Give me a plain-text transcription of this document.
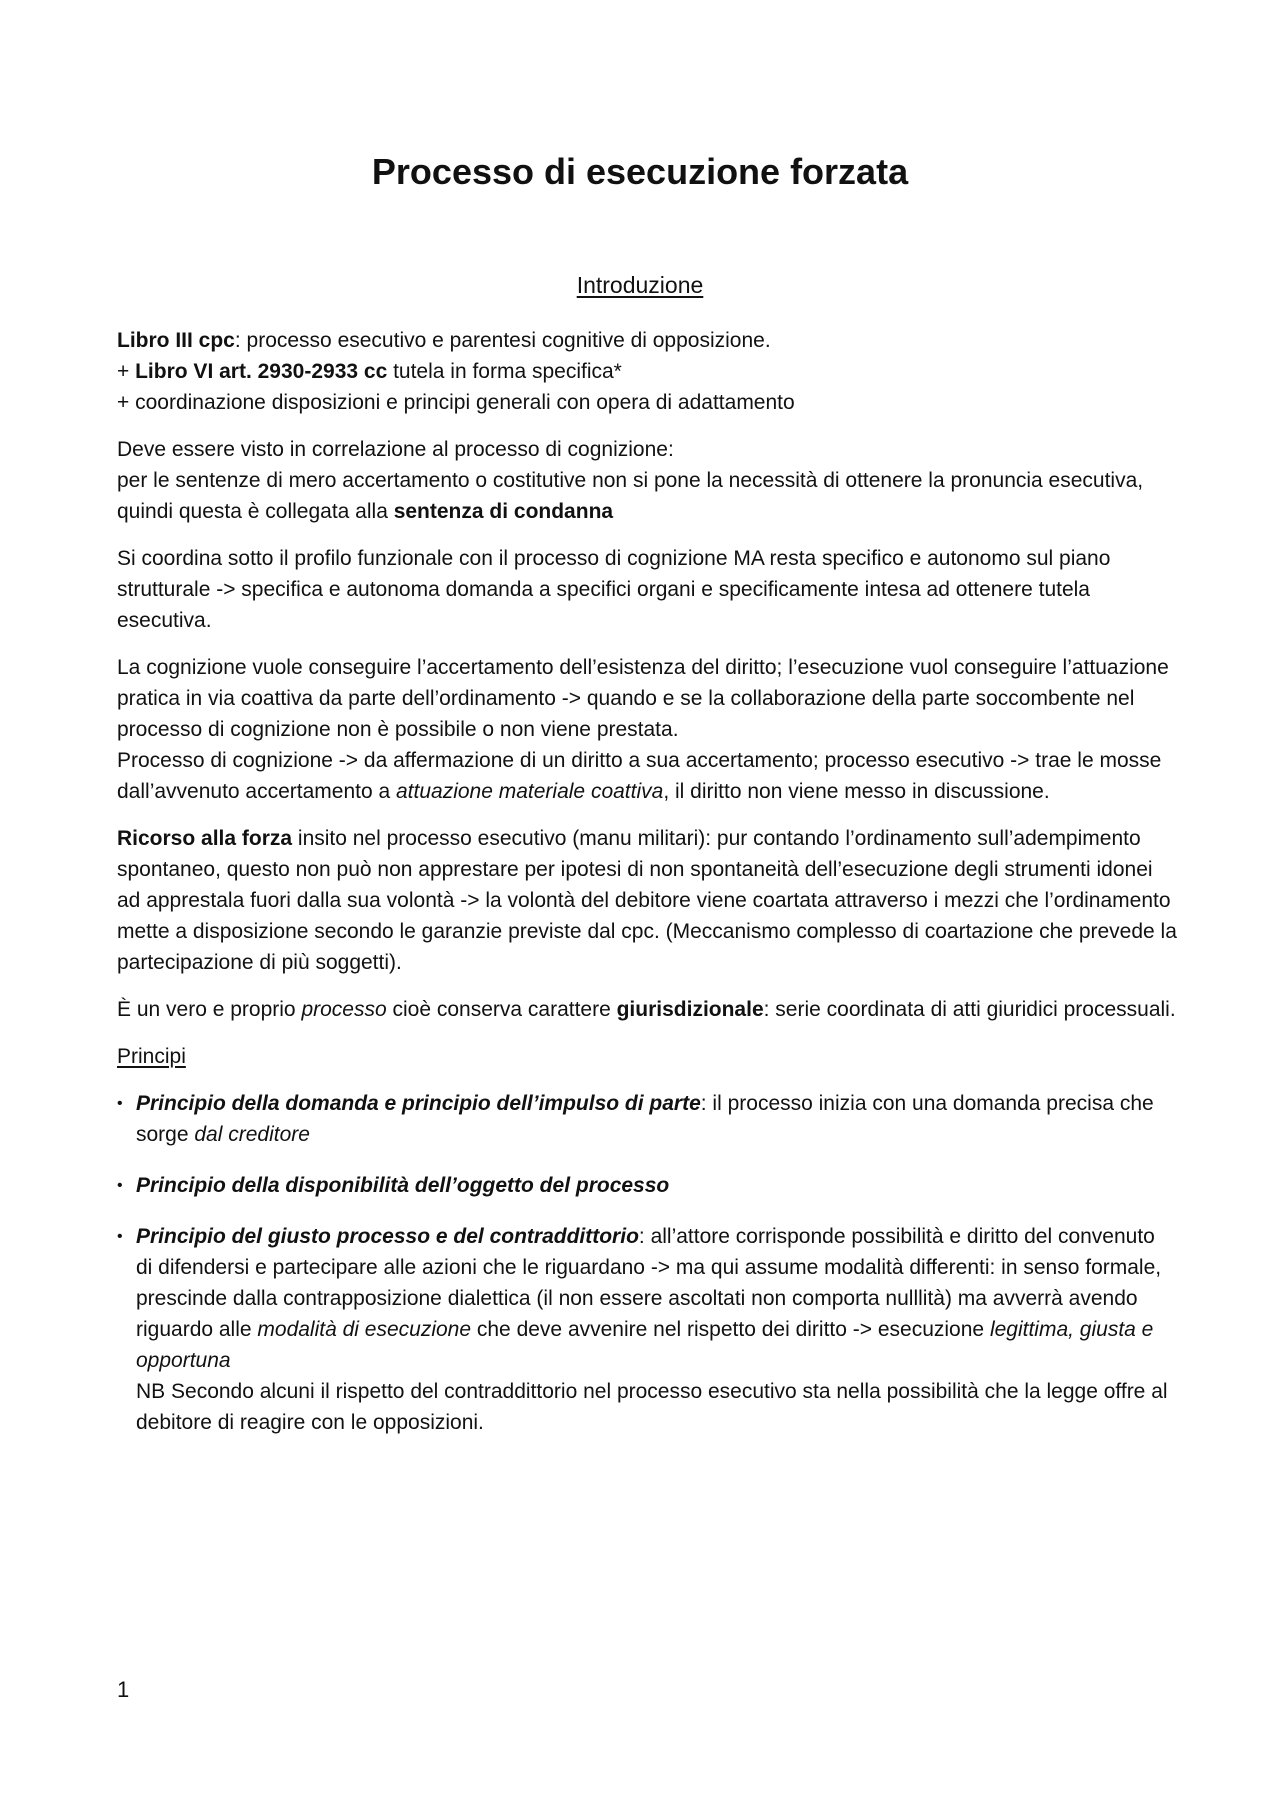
Processo di esecuzione forzata
Introduzione

Libro III cpc: processo esecutivo e parentesi cognitive di opposizione.

+ Libro VI art. 2930-2933 cc tutela in forma specifica*

+ coordinazione disposizioni e principi generali con opera di adattamento

Deve essere visto in correlazione al processo di cognizione:
per le sentenze di mero accertamento o costitutive non si pone la necessità di ottenere la pronuncia esecutiva, quindi questa è collegata alla sentenza di condanna

Si coordina sotto il profilo funzionale con il processo di cognizione MA resta specifico e autonomo sul piano strutturale -> specifica e autonoma domanda a specifici organi e specificamente intesa ad ottenere tutela esecutiva.

La cognizione vuole conseguire l’accertamento dell’esistenza del diritto; l’esecuzione vuol conseguire l’attuazione pratica in via coattiva da parte dell’ordinamento -> quando e se la collaborazione della parte soccombente nel processo di cognizione non è possibile o non viene prestata.
Processo di cognizione -> da affermazione di un diritto a sua accertamento; processo esecutivo -> trae le mosse dall’avvenuto accertamento a attuazione materiale coattiva, il diritto non viene messo in discussione.

Ricorso alla forza insito nel processo esecutivo (manu militari): pur contando l’ordinamento sull’adempimento spontaneo, questo non può non apprestare per ipotesi di non spontaneità dell’esecuzione degli strumenti idonei ad apprestala fuori dalla sua volontà -> la volontà del debitore viene coartata attraverso i mezzi che l’ordinamento mette a disposizione secondo le garanzie previste dal cpc. (Meccanismo complesso di coartazione che prevede la partecipazione di più soggetti).

È un vero e proprio processo cioè conserva carattere giurisdizionale: serie coordinata di atti giuridici processuali.

Principi

• Principio della domanda e principio dell’impulso di parte: il processo inizia con una domanda precisa che sorge dal creditore
• Principio della disponibilità dell’oggetto del processo
• Principio del giusto processo e del contraddittorio: all’attore corrisponde possibilità e diritto del convenuto di difendersi e partecipare alle azioni che le riguardano -> ma qui assume modalità differenti: in senso formale, prescinde dalla contrapposizione dialettica (il non essere ascoltati non comporta nulllità) ma avverrà avendo riguardo alle modalità di esecuzione che deve avvenire nel rispetto dei diritto -> esecuzione legittima, giusta e opportuna
NB Secondo alcuni il rispetto del contraddittorio nel processo esecutivo sta nella possibilità che la legge offre al debitore di reagire con le opposizioni.
1
